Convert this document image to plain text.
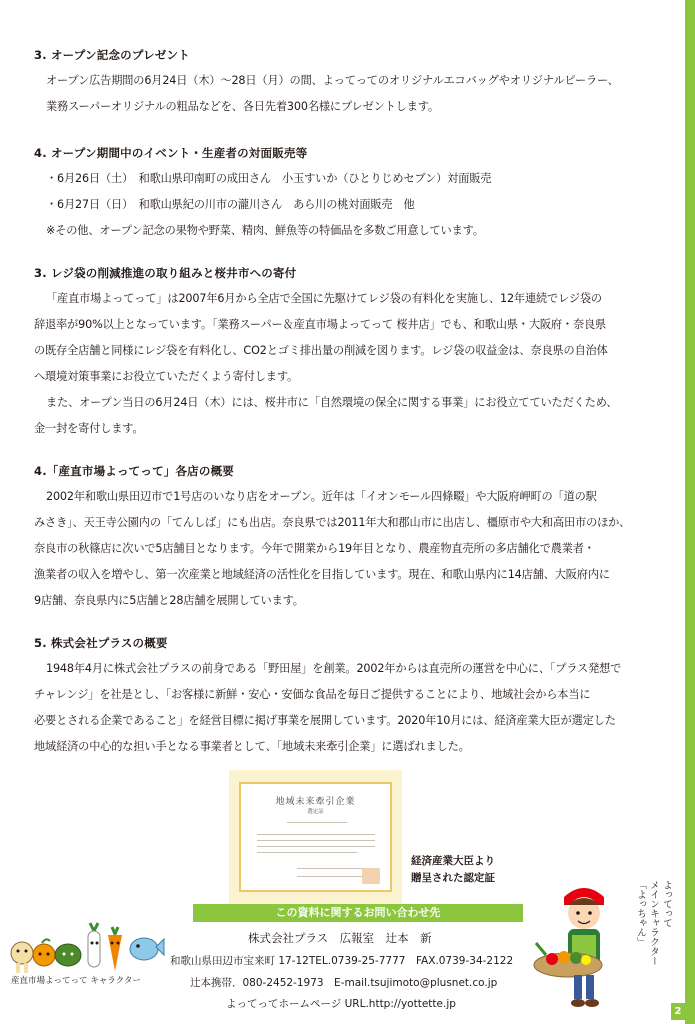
3. オープン記念のプレゼント
オープン広告期間の6月24日（木）〜28日（月）の間、よってってのオリジナルエコバッグやオリジナルピーラー、
業務スーパーオリジナルの粗品などを、各日先着300名様にプレゼントします。
4. オープン期間中のイベント・生産者の対面販売等
・6月26日（土）　和歌山県印南町の成田さん　小玉すいか（ひとりじめセブン）対面販売
・6月27日（日）　和歌山県紀の川市の瀧川さん　あら川の桃対面販売　他
※その他、オープン記念の果物や野菜、精肉、鮮魚等の特価品を多数ご用意しています。
3. レジ袋の削減推進の取り組みと桜井市への寄付
「産直市場よってって」は2007年6月から全店で全国に先駆けてレジ袋の有料化を実施し、12年連続でレジ袋の
辞退率が90%以上となっています。「業務スーパー＆産直市場よってって 桜井店」でも、和歌山県・大阪府・奈良県
の既存全店舗と同様にレジ袋を有料化し、CO2とゴミ排出量の削減を図ります。レジ袋の収益金は、奈良県の自治体
へ環境対策事業にお役立ていただくよう寄付します。
また、オープン当日の6月24日（木）には、桜井市に「自然環境の保全に関する事業」にお役立てていただくため、
金一封を寄付します。
4.「産直市場よってって」各店の概要
2002年和歌山県田辺市で1号店のいなり店をオープン。近年は「イオンモール四條畷」や大阪府岬町の「道の駅
みさき」、天王寺公園内の「てんしば」にも出店。奈良県では2011年大和郡山市に出店し、橿原市や大和高田市のほか、
奈良市の秋篠店に次いで5店舗目となります。今年で開業から19年目となり、農産物直売所の多店舗化で農業者・
漁業者の収入を増やし、第一次産業と地域経済の活性化を目指しています。現在、和歌山県内に14店舗、大阪府内に
9店舗、奈良県内に5店舗と28店舗を展開しています。
5. 株式会社プラスの概要
1948年4月に株式会社プラスの前身である「野田屋」を創業。2002年からは直売所の運営を中心に、「プラス発想で
チャレンジ」を社是とし、「お客様に新鮮・安心・安価な食品を毎日ご提供することにより、地域社会から本当に
必要とされる企業であること」を経営目標に掲げ事業を展開しています。2020年10月には、経済産業大臣が選定した
地域経済の中心的な担い手となる事業者として、「地域未来牽引企業」に選ばれました。
地域未来牽引企業
選定証
経済産業大臣より
贈呈された認定証
この資料に関するお問い合わせ先
株式会社プラス　広報室　辻本　新
和歌山県田辺市宝来町 17-12TEL.0739-25-7777　FAX.0739-34-2122
辻本携帯．080-2452-1973　E-mail.tsujimoto@plusnet.co.jp
よってってホームページ URL.http://yottette.jp
産直市場よってって キャラクター
よってって
メインキャラクター
「よっちゃん」
2
